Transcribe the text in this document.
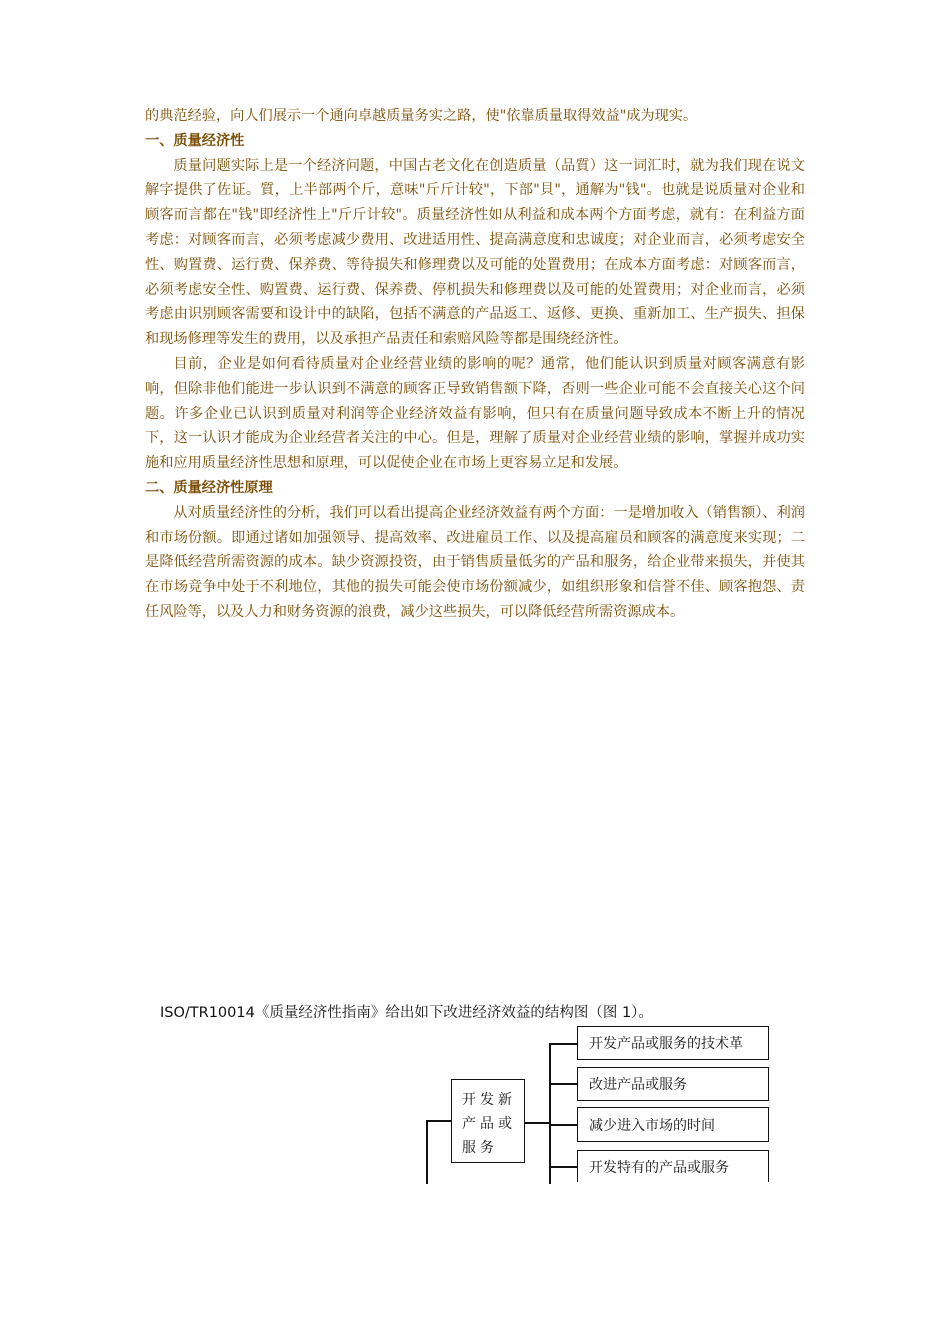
的典范经验，向人们展示一个通向卓越质量务实之路，使"依靠质量取得效益"成为现实。

一、质量经济性

质量问题实际上是一个经济问题，中国古老文化在创造质量（品質）这一词汇时，就为我们现在说文解字提供了佐证。質，上半部两个斤，意味"斤斤计较"，下部"貝"，通解为"钱"。也就是说质量对企业和顾客而言都在"钱"即经济性上"斤斤计较"。质量经济性如从利益和成本两个方面考虑，就有：在利益方面考虑：对顾客而言，必须考虑减少费用、改进适用性、提高满意度和忠诚度；对企业而言，必须考虑安全性、购置费、运行费、保养费、等待损失和修理费以及可能的处置费用；在成本方面考虑：对顾客而言，必须考虑安全性、购置费、运行费、保养费、停机损失和修理费以及可能的处置费用；对企业而言，必须考虑由识别顾客需要和设计中的缺陷，包括不满意的产品返工、返修、更换、重新加工、生产损失、担保和现场修理等发生的费用，以及承担产品责任和索赔风险等都是围绕经济性。

目前，企业是如何看待质量对企业经营业绩的影响的呢？通常，他们能认识到质量对顾客满意有影响，但除非他们能进一步认识到不满意的顾客正导致销售额下降，否则一些企业可能不会直接关心这个问题。许多企业已认识到质量对利润等企业经济效益有影响，但只有在质量问题导致成本不断上升的情况下，这一认识才能成为企业经营者关注的中心。但是，理解了质量对企业经营业绩的影响，掌握并成功实施和应用质量经济性思想和原理，可以促使企业在市场上更容易立足和发展。

二、质量经济性原理

从对质量经济性的分析，我们可以看出提高企业经济效益有两个方面：一是增加收入（销售额）、利润和市场份额。即通过诸如加强领导、提高效率、改进雇员工作、以及提高雇员和顾客的满意度来实现；二是降低经营所需资源的成本。缺少资源投资，由于销售质量低劣的产品和服务，给企业带来损失，并使其在市场竞争中处于不利地位，其他的损失可能会使市场份额减少，如组织形象和信誉不佳、顾客抱怨、责任风险等，以及人力和财务资源的浪费，减少这些损失，可以降低经营所需资源成本。

ISO/TR10014《质量经济性指南》给出如下改进经济效益的结构图（图 1）。
开发新
产品或
服务
开发产品或服务的技术革
改进产品或服务
减少进入市场的时间
开发特有的产品或服务
